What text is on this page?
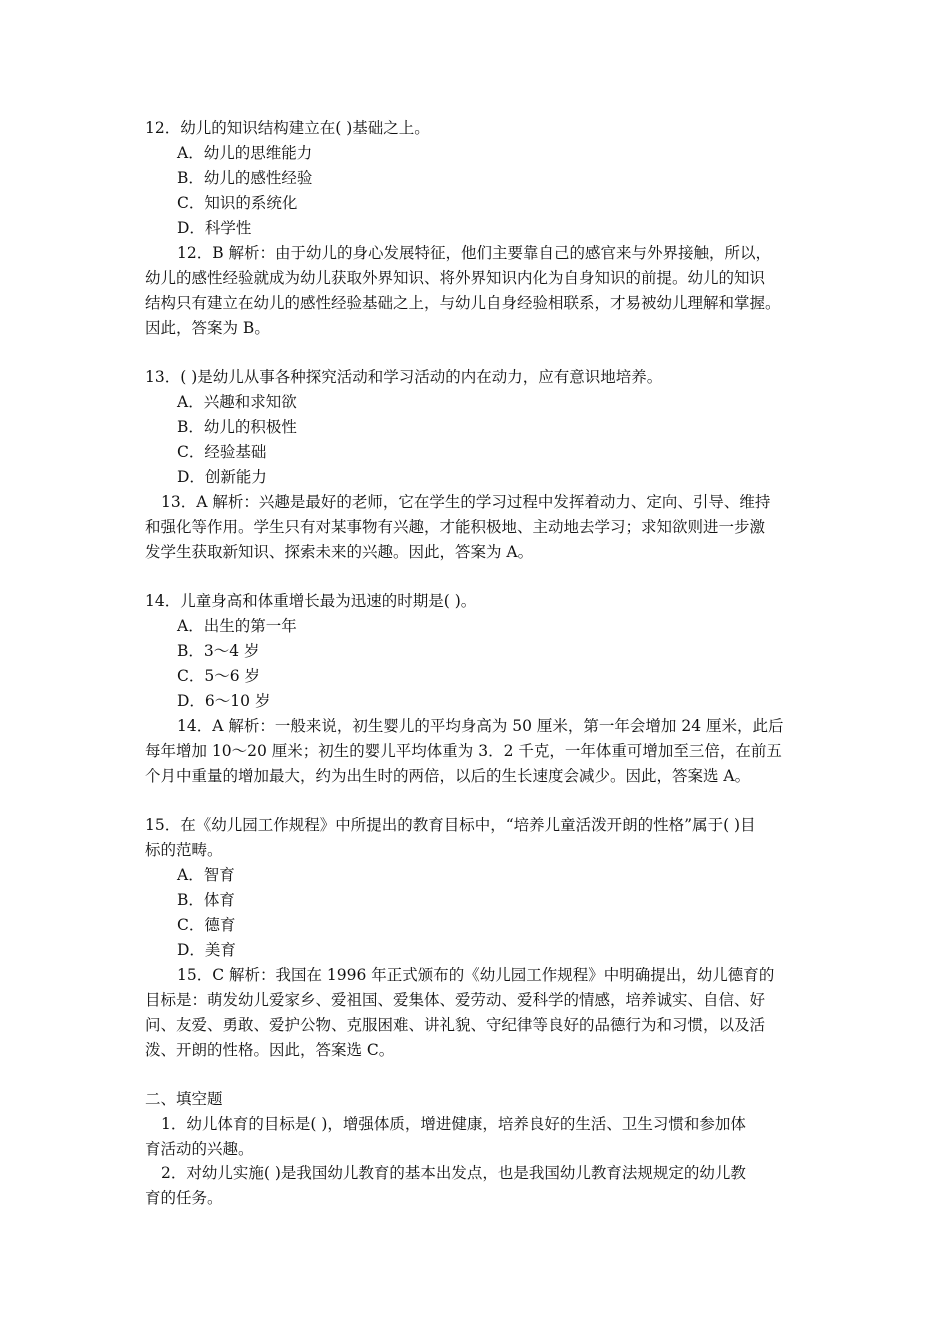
12．幼儿的知识结构建立在( )基础之上。
A．幼儿的思维能力
B．幼儿的感性经验
C．知识的系统化
D．科学性
12．B 解析：由于幼儿的身心发展特征，他们主要靠自己的感官来与外界接触，所以，
幼儿的感性经验就成为幼儿获取外界知识、将外界知识内化为自身知识的前提。幼儿的知识
结构只有建立在幼儿的感性经验基础之上，与幼儿自身经验相联系，才易被幼儿理解和掌握。
因此，答案为 B。
13．( )是幼儿从事各种探究活动和学习活动的内在动力，应有意识地培养。
A．兴趣和求知欲
B．幼儿的积极性
C．经验基础
D．创新能力
13．A 解析：兴趣是最好的老师，它在学生的学习过程中发挥着动力、定向、引导、维持
和强化等作用。学生只有对某事物有兴趣，才能积极地、主动地去学习；求知欲则进一步激
发学生获取新知识、探索未来的兴趣。因此，答案为 A。
14．儿童身高和体重增长最为迅速的时期是( )。
A．出生的第一年
B．3～4 岁
C．5～6 岁
D．6～10 岁
14．A 解析：一般来说，初生婴儿的平均身高为 50 厘米，第一年会增加 24 厘米，此后
每年增加 10～20 厘米；初生的婴儿平均体重为 3．2 千克，一年体重可增加至三倍，在前五
个月中重量的增加最大，约为出生时的两倍，以后的生长速度会减少。因此，答案选 A。
15．在《幼儿园工作规程》中所提出的教育目标中，“培养儿童活泼开朗的性格”属于( )目
标的范畴。
A．智育
B．体育
C．德育
D．美育
15．C 解析：我国在 1996 年正式颁布的《幼儿园工作规程》中明确提出，幼儿德育的
目标是：萌发幼儿爱家乡、爱祖国、爱集体、爱劳动、爱科学的情感，培养诚实、自信、好
问、友爱、勇敢、爱护公物、克服困难、讲礼貌、守纪律等良好的品德行为和习惯，以及活
泼、开朗的性格。因此，答案选 C。
二、填空题
1．幼儿体育的目标是( )，增强体质，增进健康，培养良好的生活、卫生习惯和参加体
育活动的兴趣。
2．对幼儿实施( )是我国幼儿教育的基本出发点，也是我国幼儿教育法规规定的幼儿教
育的任务。
